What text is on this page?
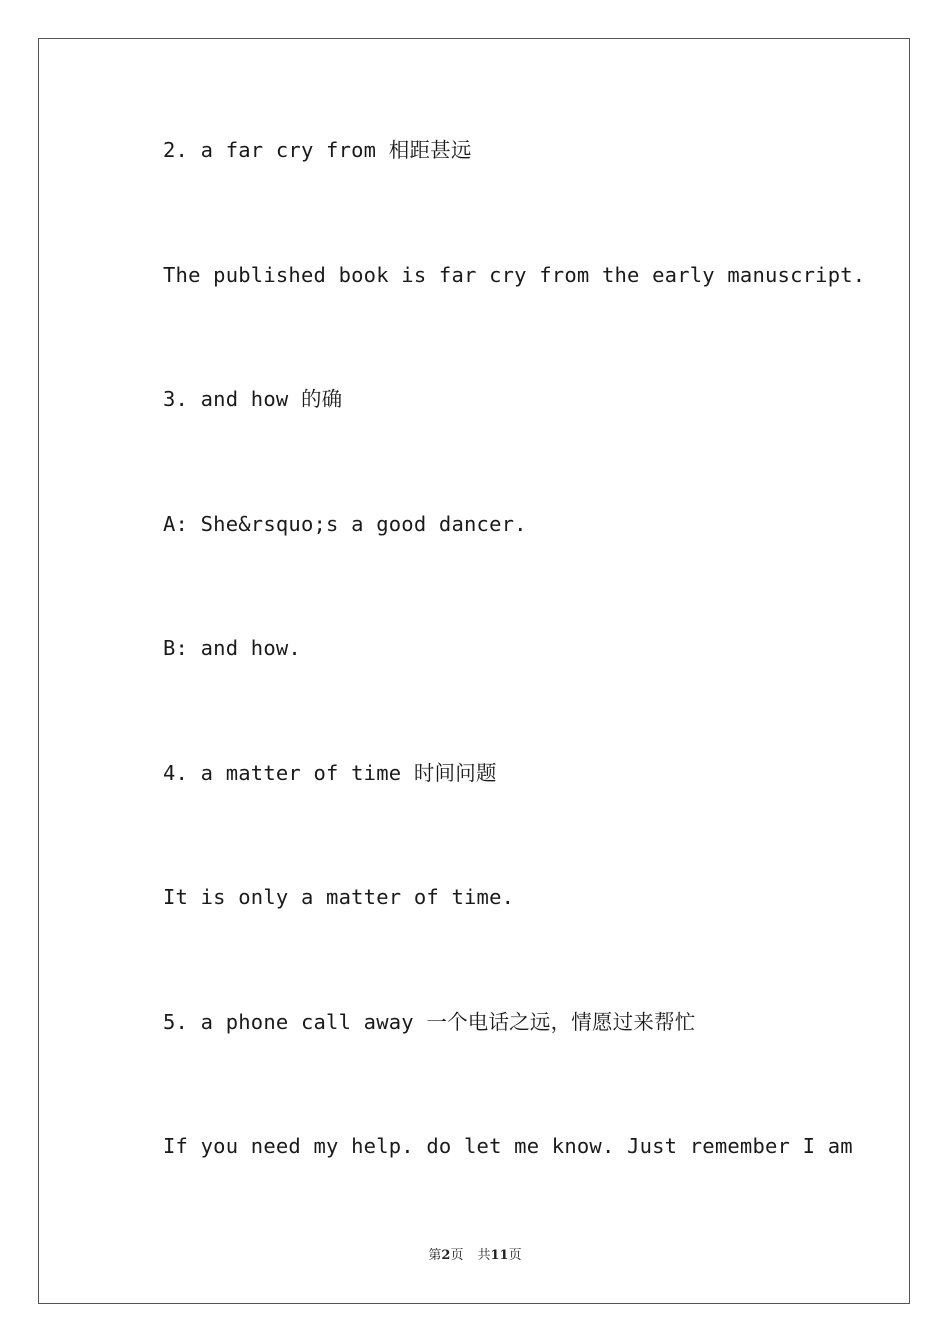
2. a far cry from 相距甚远
The published book is far cry from the early manuscript.
3. and how 的确
A: She&rsquo;s a good dancer.
B: and how.
4. a matter of time 时间问题
It is only a matter of time.
5. a phone call away 一个电话之远，情愿过来帮忙
If you need my help. do let me know. Just remember I am
第2页 共11页
